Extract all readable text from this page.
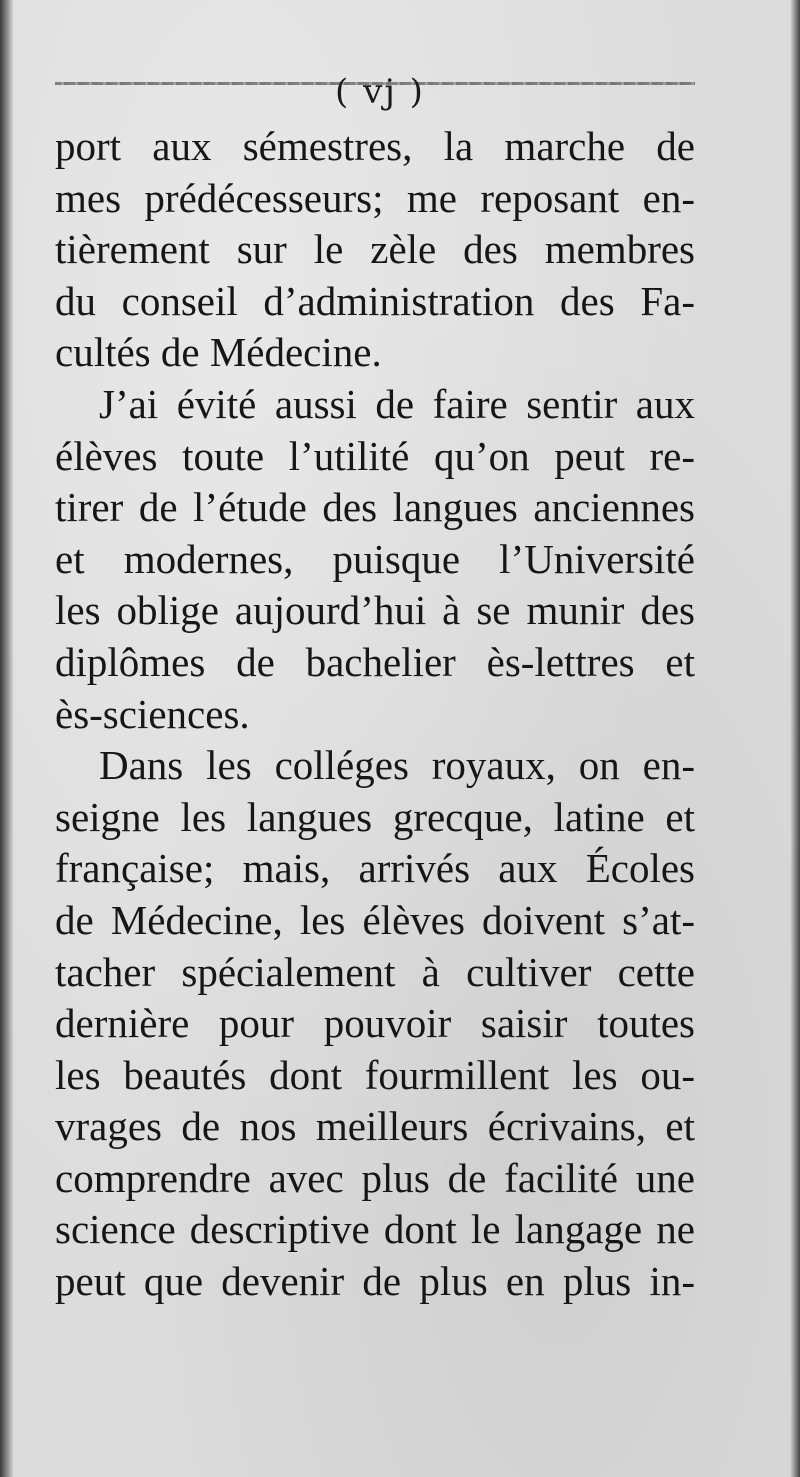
( vj )
port aux sémestres, la marche de
mes prédécesseurs; me reposant en-
tièrement sur le zèle des membres
du conseil d’administration des Fa-
cultés de Médecine.
J’ai évité aussi de faire sentir aux
élèves toute l’utilité qu’on peut re-
tirer de l’étude des langues anciennes
et modernes, puisque l’Université
les oblige aujourd’hui à se munir des
diplômes de bachelier ès-lettres et
ès-sciences.
Dans les colléges royaux, on en-
seigne les langues grecque, latine et
française; mais, arrivés aux Écoles
de Médecine, les élèves doivent s’at-
tacher spécialement à cultiver cette
dernière pour pouvoir saisir toutes
les beautés dont fourmillent les ou-
vrages de nos meilleurs écrivains, et
comprendre avec plus de facilité une
science descriptive dont le langage ne
peut que devenir de plus en plus in-
